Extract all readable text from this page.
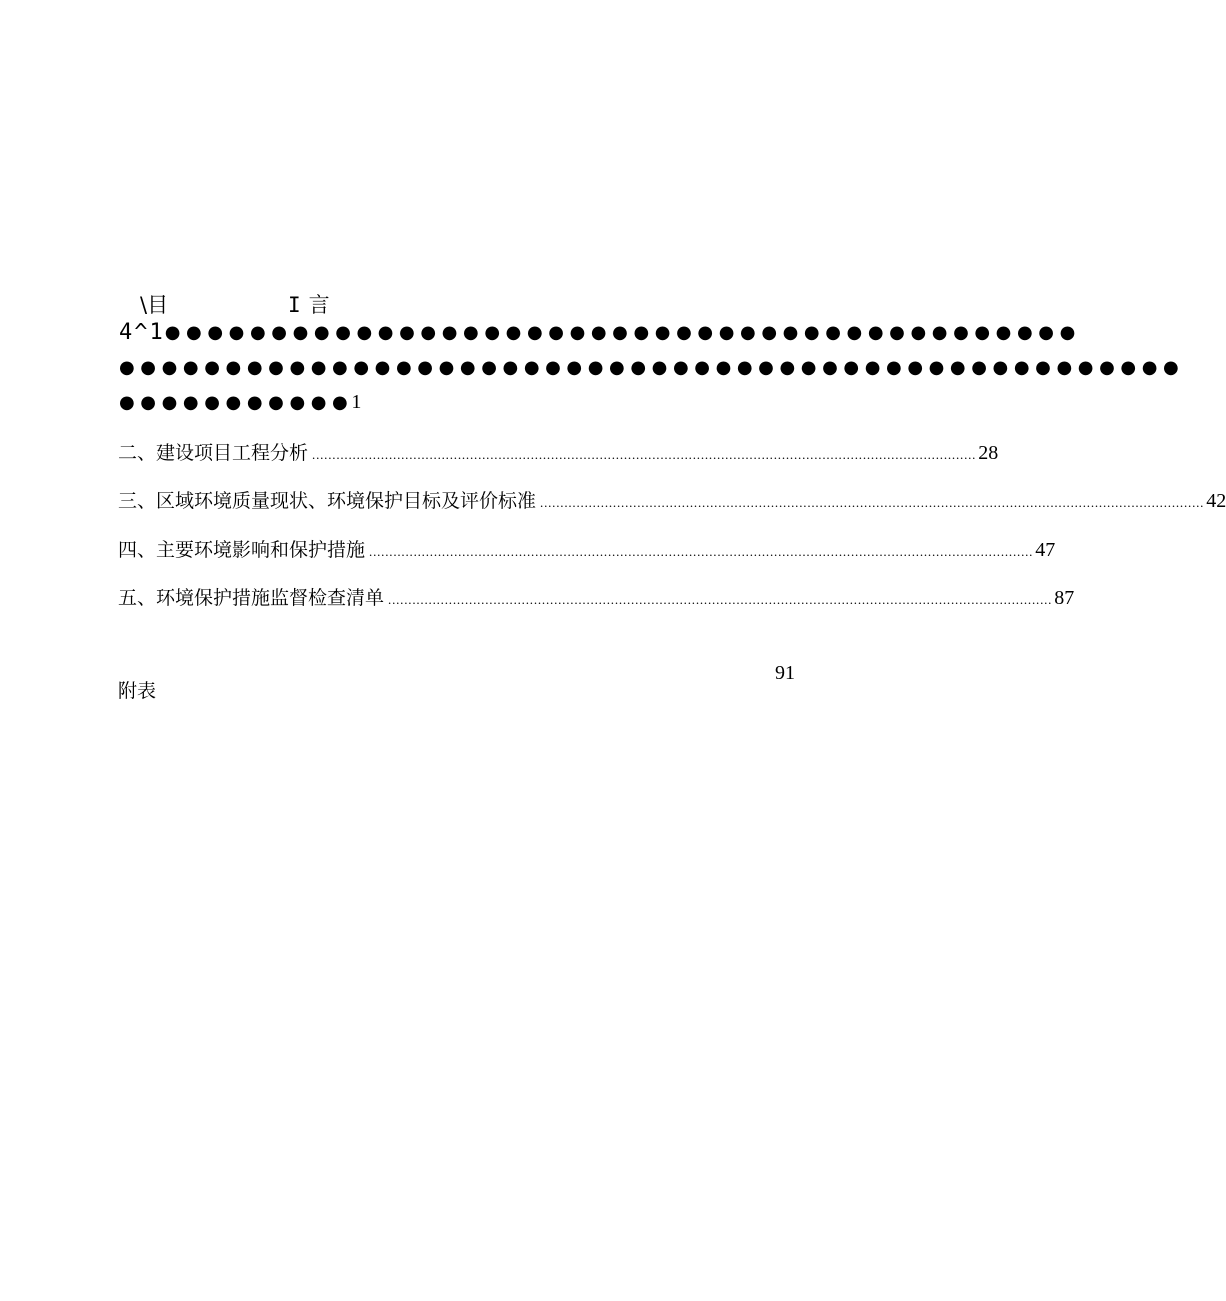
\目	I 言
4^1●●●●●●●●●●●●●●●●●●●●●●●●●●●●●●●●●●●●●●●●●●●
●●●●●●●●●●●●●●●●●●●●●●●●●●●●●●●●●●●●●●●●●●●●●●●●●●
●●●●●●●●●●●1
二、建设项目工程分析 .................................................................................................................................................................... 28
三、区域环境质量现状、环境保护目标及评价标准 .................................................................................................................................................................... 42
四、主要环境影响和保护措施 .................................................................................................................................................................... 47
五、环境保护措施监督检查清单 .................................................................................................................................................................... 87
附表
91
